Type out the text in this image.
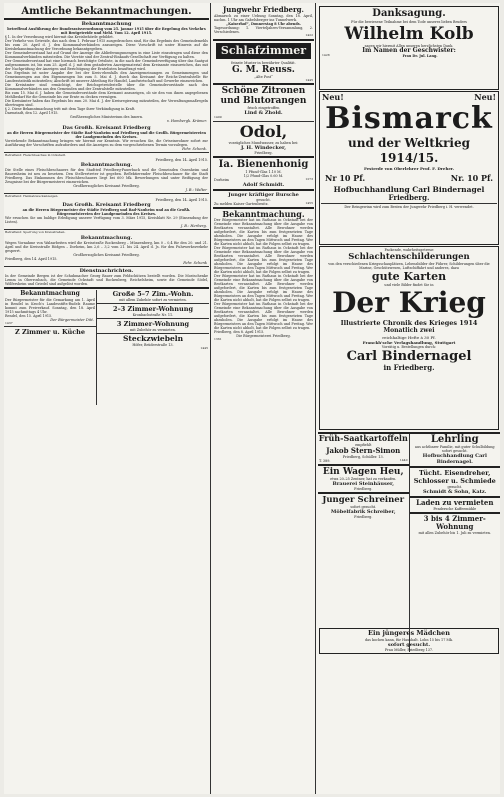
Amtliche Bekanntmachungen.
Bekanntmachung
betreffend Ausführung der Bundesratsverordnung vom 25. Januar 1915 über die Regelung des Verkehrs mit Brotgetreide und Mehl. Vom 12. April 1915.
§ 1. In der Verordnung wird hiermit das Kreisbehörde gebildet.
Der Verkehr von Getreide, das nach dem 1. Februar 1915 ausgedroschen sind, für das Ergebnis des Gemeindemehls bis zum 20. April d. J. den Kommunalverbänden anzuzeigen. Diese Vorschrift ist unter Hinweis auf die Kreisbekanntmachung der Verordnung bekanntgegeben.
Der Gemeindevorstand hat auf Grund der Anzeige die Ablieferungsmengen in eine Liste einzutragen und diese den Kommunalverbänden mitzuteilen. Die Vorräte sind der Zentral-Einkaufs-Gesellschaft zur Verfügung zu halten.
Der Gemeindevorstand hat eine hiernach berichtigte Ortsliste, in die nach der Gemeindeverfügung über das Saatgut aufgenommen ist, bis zum 25. April d. J. mit dem geänderten Anzeigematerial dem Kreisamte einzureichen, das mit der Nachprüfung der Anzeigen und Berichtigung der Erntelisten beauftragt wird.
Das Ergebnis ist unter Angabe der bei der Kreis-ebenfalls den Anzeigemeinungen zu Gemeinmengen und Gemeinmengen aus den Eigenmengen bis zum 5. Mai d. J. durch das Kreisamt der Reichs-Zentralstelle für Landesstatistik mitzuteilen; Abschrift ist unserer Abteilung für Handel, Landwirtschaft und Gewerbe einzureichen.
Die Kreisämter sind ermächtigt, der Reichsgetreidestelle über die Gemeindevorstände nach den Kommunalverbänden aus den Gemeinden und der Zentralstelle mitzuteilen.
Bis zum 15. Mai d. J. haben die Gemeindevorstände dem Kreisamt anzuzeigen, ob sie den von ihnen angegebenen Mehlbedarf für die Gemeinde bis zur Ernte zu decken vermögen.
Die Kreisämter haben das Ergebnis bis zum 20. Mai d. J. der Kreisregierung mitzuteilen, der Verwaltungsmaßregeln übertragen sind.
§ 2. Diese Bekanntmachung tritt mit dem Tage ihrer Verkündigung in Kraft.
Darmstadt, den 12. April 1915.
Großherzogliches Ministerium des Innern.
v. Hombergk. Krämer.
Das Großh. Kreisamt Friedberg
an die Herren Bürgermeister der Städte Bad-Nauheim und Friedberg und die Großh. Bürgermeistereien der Landgemeinden des Kreises.
Vorstehende Bekanntmachung bringen wir hiermit zur Kenntnis. Wir ersuchen Sie, die Ortseinwohner sofort zur Ausführung der Vorschriften aufzufordern und die Anzeigen zu dem vorgeschriebenen Termin vorzulegen.
Fehr. Schenk.
Betreffend: Fleischbeschau in Ockstadt.
Friedberg, den 14. April 1915.
Bekanntmachung.
Die Stelle eines Fleischbeschauers für den Stadtteil Friedberg-Fauerbach und die Gemeinden Ossenheim und Bauernheim ist neu zu besetzen. Den Stellvertreter ist gegeben. Reflektierender Fleischbeschauer für die Stadt Friedberg. Das Einkommen des Fleischbeschauers liegt bei 600 Mk. Bewerbungen sind unter Beifügung der Zeugnisse bei der Bürgermeisterei einzureichen.
Großherzogliches Kreisamt Friedberg.
J. B.: Walter
Betreffend: Heimatzweckanzeigen.
Friedberg, den 14. April 1915.
Das Großh. Kreisamt Friedberg
an die Herren Bürgermeister der Städte Friedberg und Bad-Nauheim und an die Großh. Bürgermeistereien der Landgemeinden des Kreises.
Wir ersuchen Sie um baldige Erledigung unserer Verfügung vom 3. März 1915, Kreisblatt Nr. 29 (Einsendung der Listen).
J. B.: Herberg.
Betreffend: Sperrung von Kreisstraßen.
Bekanntmachung.
Wegen Vornahme von Walzarbeiten wird die Kreisstraße Rockenberg – Münzenberg, km 0 – 0,4 für den 20. und 21. April und die Kreisstraße Rödgen – Dorheim, km 2,6 – 3,2 vom 21. bis 24. April d. Js. für den Fuhrwerksverkehr gesperrt.
Großherzogliches Kreisamt Friedberg.
Friedberg, den 14. April 1915.
Fehr. Schenk
Dienstnachrichten.
In der Gemeinde Bergen ist der Schuhmacher Georg Bauer zum Feldschützen bestellt worden. Die Mostschenke Lemm in Oberrosbach, die Gemeinde Ockstadt und Rockenberg, Reichelsheim, sowie die Gemeinde Södel, Wölfersheim und Griedel sind aufgelöst worden.
Bekanntmachung
Der Bürgermeister für die Gemarkung am 1. April in Rendel in Kroch's Landesstifts-Rudels Raume kommt zum Freiverkauf. Sonntag, den 18. April 1915 nachmittags 4 Uhr.
Rendel, den 15. April 1915.
Der Bürgermeister Ditt.
1437
Z Zimmer u. Küche
Große 5–7 Zim.-Wohn.
mit allem Zubehör sofort zu vermieten.
2–3 Zimmer-Wohnung
Kronbachstraße Nr. 11.
3 Zimmer-Wohnung
mit Zubehör zu vermieten.
Steckzwiebeln
Höfer, Brüderstraße 13.
1445
Jungwehr Friedberg.
Abmarsch zu einer Uebung Sonntag, den 18. April, nachm. 1 Uhr am Gabelsberger ins Tunnelwerk.
„Kaiserhof“, Donnerstag 8 Uhr abends.
Tagesordnung: 1. Vierteljahres-Versammlung, 2. Verschiedenes.
1422
Schlafzimmer
feinste Muster in bewährter Qualität.
G. M. Reuss.
„Alte Post“
1445
Schöne Zitronen und Blutorangen
frisch eingetroffen
Lind & Zhold.
1409
Odol,
vorzügliches Mundwasser, zu haben bei:
J. H. Windecker,
Friedberg.
Ia. Bienenhonig
1 Pfund-Glas 1.10 M.
1/2 Pfund-Glas 0.60 M.
Dorheim	1273
Adolf Schmidt.
Junger kräftiger Bursche
gesucht.
Zu melden Kaiser Gartenbesitz.	1455
Bekanntmachung.
Der Bürgermeister hat im Rathaus in Ockstadt bei der Gemeinde eine Bekanntmachung über die Ausgabe von Brotkarten veranstaltet. Alle Bewohner werden aufgefordert, die Karten bis zum festgesetzten Tage abzuholen. Die Ausgabe erfolgt im Hause des Bürgermeisters an den Tagen Mittwoch und Freitag. Wer die Karten nicht abholt, hat die Folgen selbst zu tragen.
Der Bürgermeister hat im Rathaus in Ockstadt bei der Gemeinde eine Bekanntmachung über die Ausgabe von Brotkarten veranstaltet. Alle Bewohner werden aufgefordert, die Karten bis zum festgesetzten Tage abzuholen. Die Ausgabe erfolgt im Hause des Bürgermeisters an den Tagen Mittwoch und Freitag. Wer die Karten nicht abholt, hat die Folgen selbst zu tragen.
Der Bürgermeister hat im Rathaus in Ockstadt bei der Gemeinde eine Bekanntmachung über die Ausgabe von Brotkarten veranstaltet. Alle Bewohner werden aufgefordert, die Karten bis zum festgesetzten Tage abzuholen. Die Ausgabe erfolgt im Hause des Bürgermeisters an den Tagen Mittwoch und Freitag. Wer die Karten nicht abholt, hat die Folgen selbst zu tragen.
Der Bürgermeister hat im Rathaus in Ockstadt bei der Gemeinde eine Bekanntmachung über die Ausgabe von Brotkarten veranstaltet. Alle Bewohner werden aufgefordert, die Karten bis zum festgesetzten Tage abzuholen. Die Ausgabe erfolgt im Hause des Bürgermeisters an den Tagen Mittwoch und Freitag. Wer die Karten nicht abholt, hat die Folgen selbst zu tragen.
Friedberg, den 8. April 1915.
Die Bürgermeisterei Friedberg.
1361
Danksagung.
Für die bewiesene Teilnahme bei dem Tode unseres lieben Bruders
Wilhelm Kolb
sagen wir hiermit Allen unseren herzlichsten Dank.
Im Namen der Geschwister:
1428	Frau Dr. Jul. Lang.
Neu!	Neu!
Bismarck
und der Weltkrieg 1914/15.
Festrede von Oberlehrer Prof. F. Dreher.
Nr 10 Pf.	Nr. 10 Pf.
Hofbuchhandlung Carl Bindernagel
Friedberg.
Der Reingewinn wird zum Besten der Jungwehr Friedberg i. H. verwendet.
Packende, wahrheitsgetreue
Schlachtenschilderungen
von den verschiedenen Kriegsschauplätzen, Lebensbilder der Führer, Schilderungen über die Marine, Geschützwesen, Luftschiffahrt und anderes, dazu
gute Karten
und viele Bilder findet Sie in
Der Krieg
Illustrierte Chronik des Krieges 1914
Monatlich zwei
reichhaltige Hefte à 30 Pf.
Franckh'sche Verlagshandlung, Stuttgart
Vorrätig u. Bestellungen durch:
Carl Bindernagel
in Friedberg.
Früh-Saatkartoffeln
empfiehlt
Jakob Stern-Simon
Friedberg, Schüller. 13.
T. 389.	1440
Ein Wagen Heu,
etwa 20–25 Zentner, hat zu verkaufen.
Brauerei Steinhäuser,
Friedberg.
Junger Schreiner
sofort gesucht.
Möbelfabrik Schreiber,
Friedberg.
Lehrling
aus achtbarer Familie, mit guter Schulbildung sofort gesucht.
Hofbuchhandlung Carl Bindernagel.
Tücht. Eisendreher, Schlosser u. Schmiede
gesucht.
Schmidt & Sohn, Katz.
Laden zu vermieten
Fendersche Kaffeemühle
3 bis 4 Zimmer-Wohnung
mit allen Zubehör bis 1. Juli zu vermieten.
Ein jüngeres Mädchen
das kochen kann, für Haushalt. Lohn 15 bis 17 Mk.
sofort gesucht.
Frau Müller, Friedberg 137.
